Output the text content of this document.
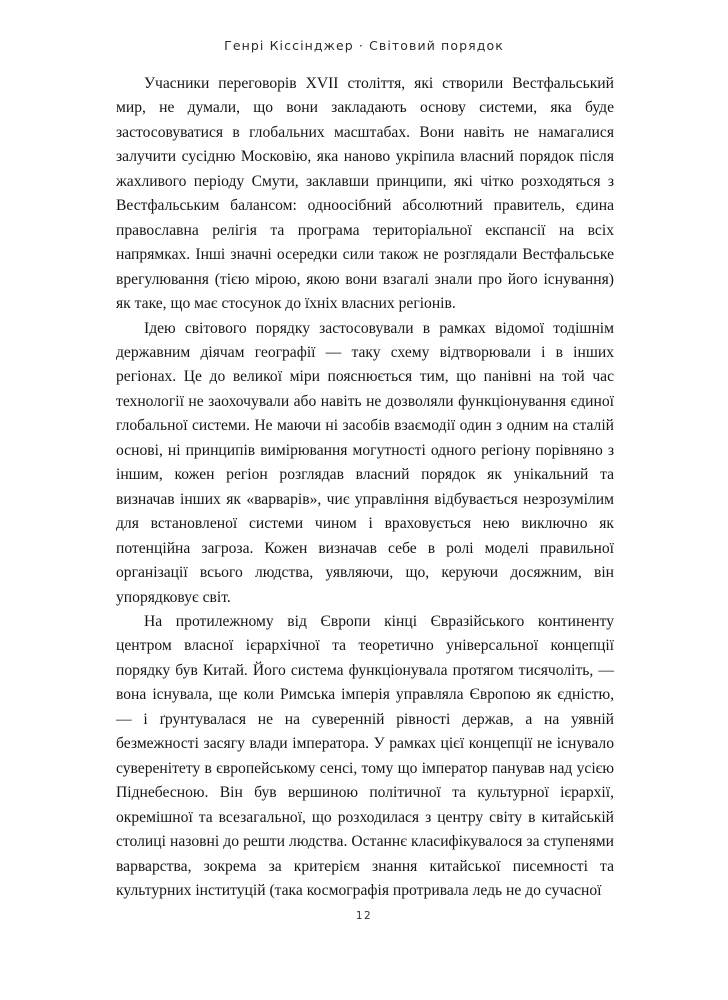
Генрі Кіссінджер · Світовий порядок

Учасники переговорів XVII століття, які створили Вестфальський мир, не думали, що вони закладають основу системи, яка буде застосовуватися в глобальних масштабах. Вони навіть не намагалися залучити сусідню Московію, яка наново укріпила власний порядок після жахливого періоду Смути, заклавши принципи, які чітко розходяться з Вестфальським балансом: одноосібний абсолютний правитель, єдина православна релігія та програма територіальної експансії на всіх напрямках. Інші значні осередки сили також не розглядали Вестфальське врегулювання (тією мірою, якою вони взагалі знали про його існування) як таке, що має стосунок до їхніх власних регіонів.

Ідею світового порядку застосовували в рамках відомої тодішнім державним діячам географії — таку схему відтворювали і в інших регіонах. Це до великої міри пояснюється тим, що панівні на той час технології не заохочували або навіть не дозволяли функціонування єдиної глобальної системи. Не маючи ні засобів взаємодії один з одним на сталій основі, ні принципів вимірювання могутності одного регіону порівняно з іншим, кожен регіон розглядав власний порядок як унікальний та визначав інших як «варварів», чиє управління відбувається незрозумілим для встановленої системи чином і враховується нею виключно як потенційна загроза. Кожен визначав себе в ролі моделі правильної організації всього людства, уявляючи, що, керуючи досяжним, він упорядковує світ.

На протилежному від Європи кінці Євразійського континенту центром власної ієрархічної та теоретично універсальної концепції порядку був Китай. Його система функціонувала протягом тисячоліть, — вона існувала, ще коли Римська імперія управляла Європою як єдністю, — і ґрунтувалася не на суверенній рівності держав, а на уявній безмежності засягу влади імператора. У рамках цієї концепції не існувало суверенітету в європейському сенсі, тому що імператор панував над усією Піднебесною. Він був вершиною політичної та культурної ієрархії, окремішної та всезагальної, що розходилася з центру світу в китайській столиці назовні до решти людства. Останнє класифікувалося за ступенями варварства, зокрема за критерієм знання китайської писемності та культурних інституцій (така космографія протривала ледь не до сучасної

12
